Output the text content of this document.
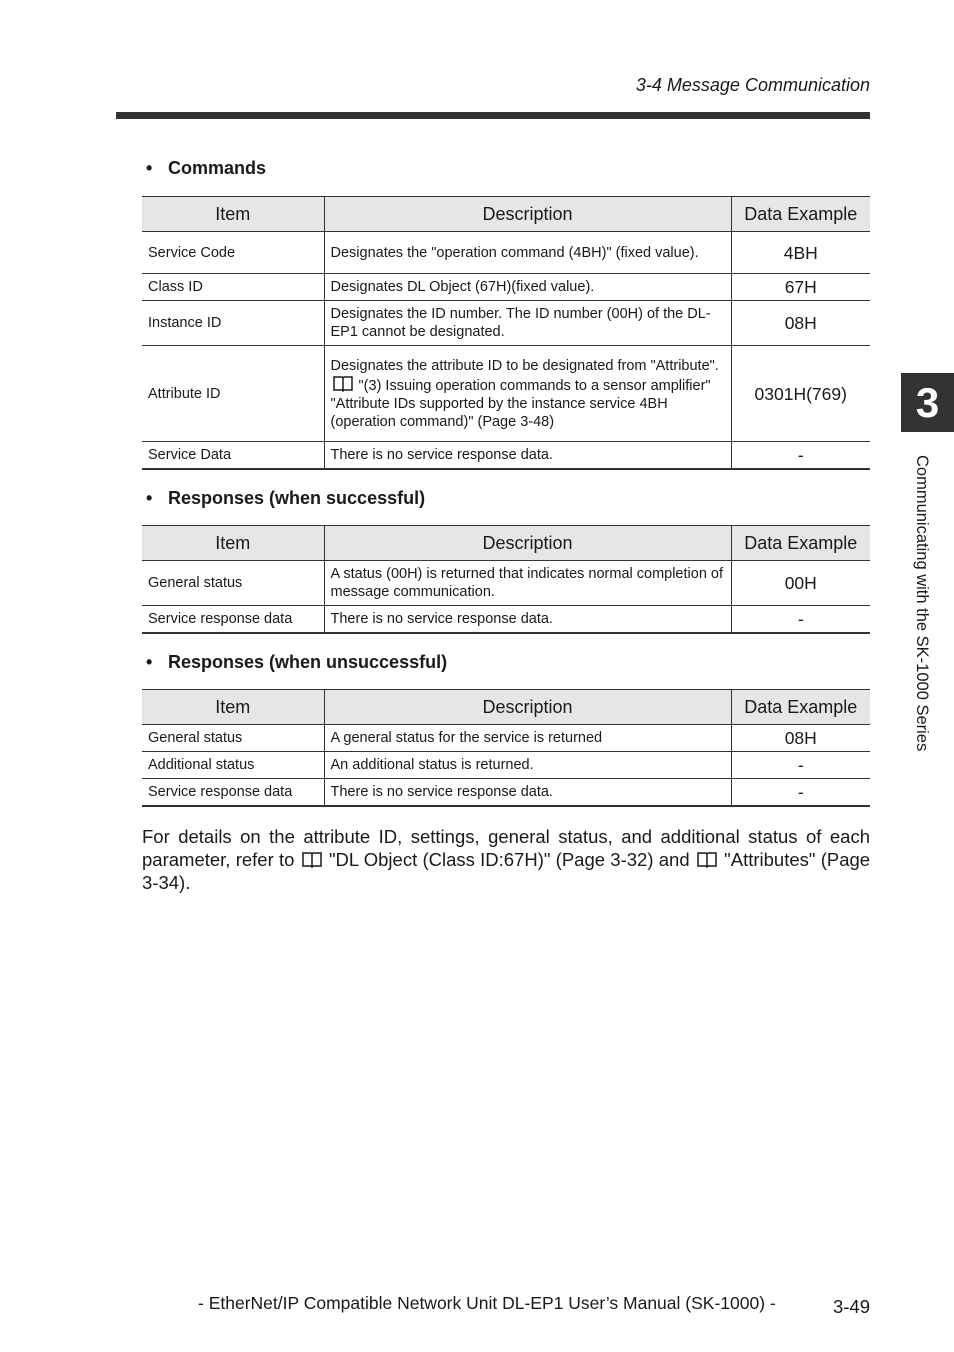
3-4 Message Communication
• Commands
Item	Description	Data Example
Service Code	Designates the "operation command (4BH)" (fixed value).	4BH
Class ID	Designates DL Object (67H)(fixed value).	67H
Instance ID	Designates the ID number. The ID number (00H) of the DL-EP1 cannot be designated.	08H
Attribute ID	Designates the attribute ID to be designated from "Attribute".  "(3) Issuing operation commands to a sensor amplifier" "Attribute IDs supported by the instance service 4BH (operation command)" (Page 3-48)	0301H(769)
Service Data	There is no service response data.	-
• Responses (when successful)
Item	Description	Data Example
General status	A status (00H) is returned that indicates normal completion of message communication.	00H
Service response data	There is no service response data.	-
• Responses (when unsuccessful)
Item	Description	Data Example
General status	A general status for the service is returned	08H
Additional status	An additional status is returned.	-
Service response data	There is no service response data.	-
For details on the attribute ID, settings, general status, and additional status of each parameter, refer to "DL Object (Class ID:67H)" (Page 3-32) and "Attributes" (Page 3-34).
3
Communicating with the SK-1000 Series
- EtherNet/IP Compatible Network Unit DL-EP1 User’s Manual (SK-1000) -	3-49
